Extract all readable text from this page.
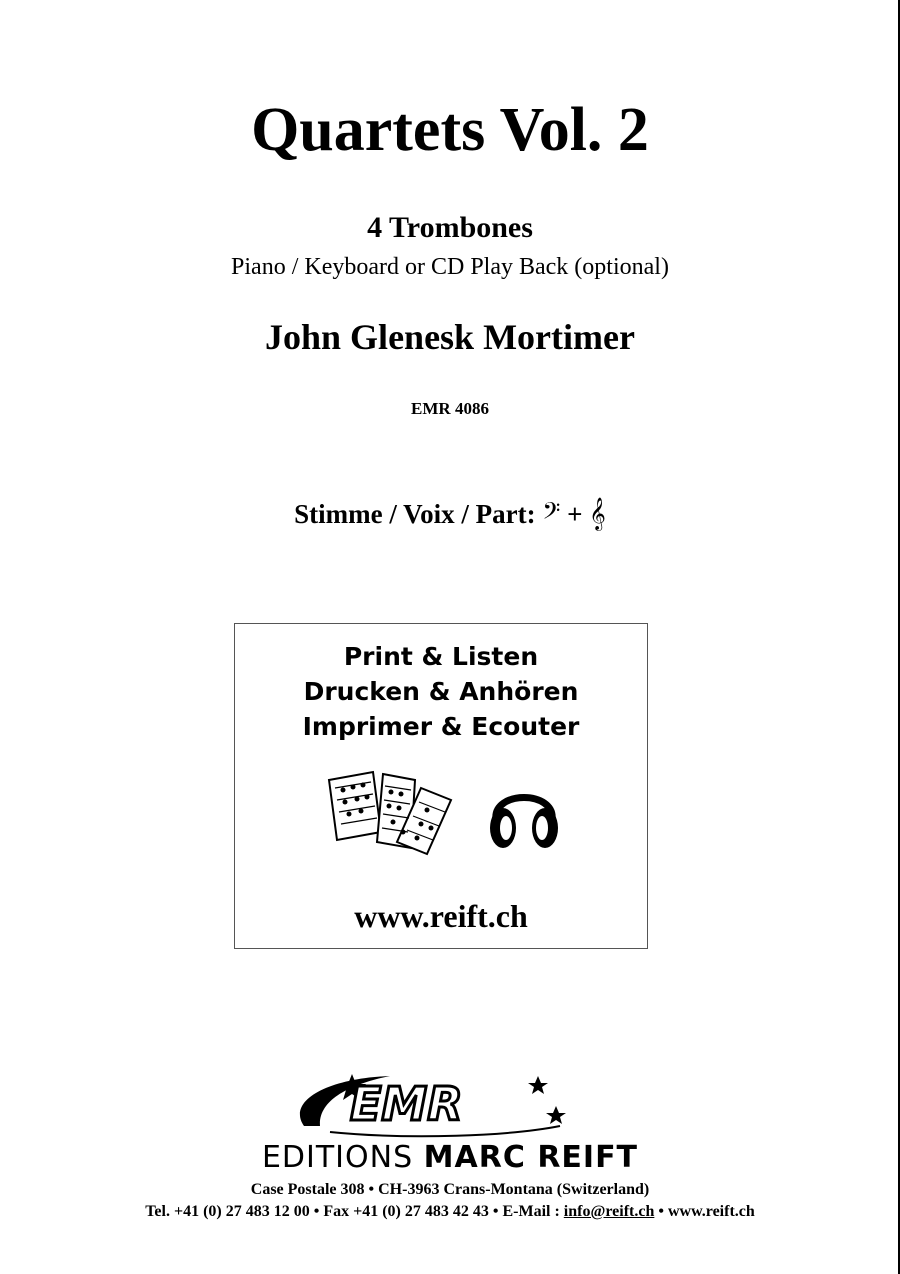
Quartets Vol. 2
4 Trombones
Piano / Keyboard or CD Play Back (optional)
John Glenesk Mortimer
EMR 4086
Stimme / Voix / Part: 𝄢 + 𝄞
Print & Listen
Drucken & Anhören
Imprimer & Ecouter
www.reift.ch
EMR
EDITIONS MARC REIFT
Case Postale 308 • CH-3963 Crans-Montana (Switzerland)
Tel. +41 (0) 27 483 12 00 • Fax +41 (0) 27 483 42 43 • E-Mail : info@reift.ch • www.reift.ch
